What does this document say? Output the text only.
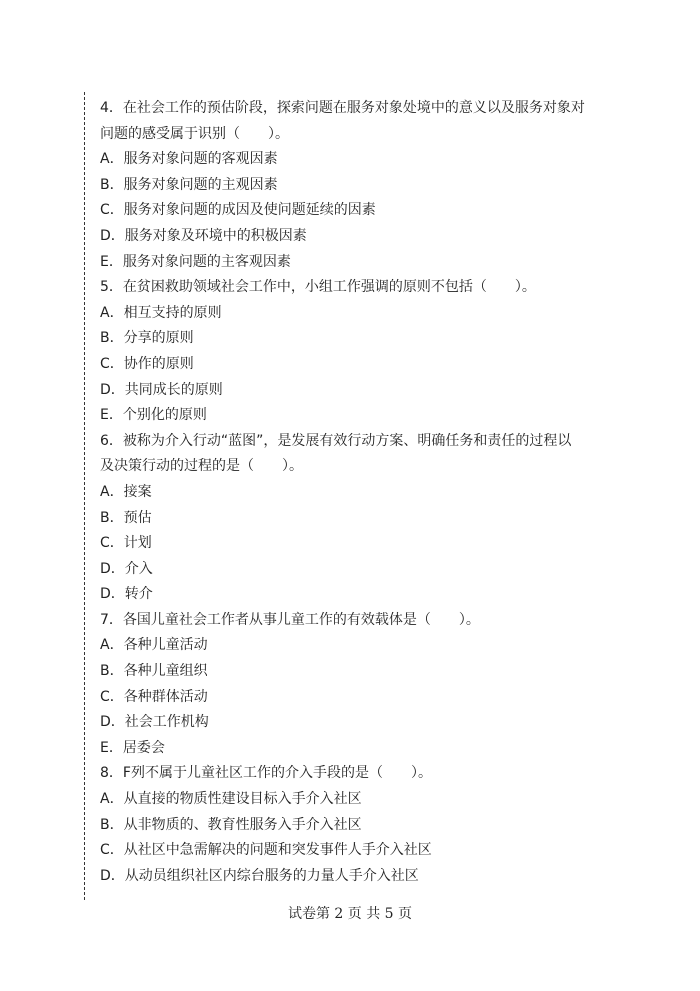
4．在社会工作的预估阶段，探索问题在服务对象处境中的意义以及服务对象对
问题的感受属于识别（　　）。
A．服务对象问题的客观因素
B．服务对象问题的主观因素
C．服务对象问题的成因及使问题延续的因素
D．服务对象及环境中的积极因素
E．服务对象问题的主客观因素
5．在贫困救助领域社会工作中，小组工作强调的原则不包括（　　）。
A．相互支持的原则
B．分享的原则
C．协作的原则
D．共同成长的原则
E．个别化的原则
6．被称为介入行动“蓝图”，是发展有效行动方案、明确任务和责任的过程以
及决策行动的过程的是（　　）。
A．接案
B．预估
C．计划
D．介入
D．转介
7．各国儿童社会工作者从事儿童工作的有效载体是（　　）。
A．各种儿童活动
B．各种儿童组织
C．各种群体活动
D．社会工作机构
E．居委会
8．F列不属于儿童社区工作的介入手段的是（　　）。
A．从直接的物质性建设目标入手介入社区
B．从非物质的、教育性服务入手介入社区
C．从社区中急需解决的问题和突发事件人手介入社区
D．从动员组织社区内综台服务的力量人手介入社区
试卷第 2 页 共 5 页
